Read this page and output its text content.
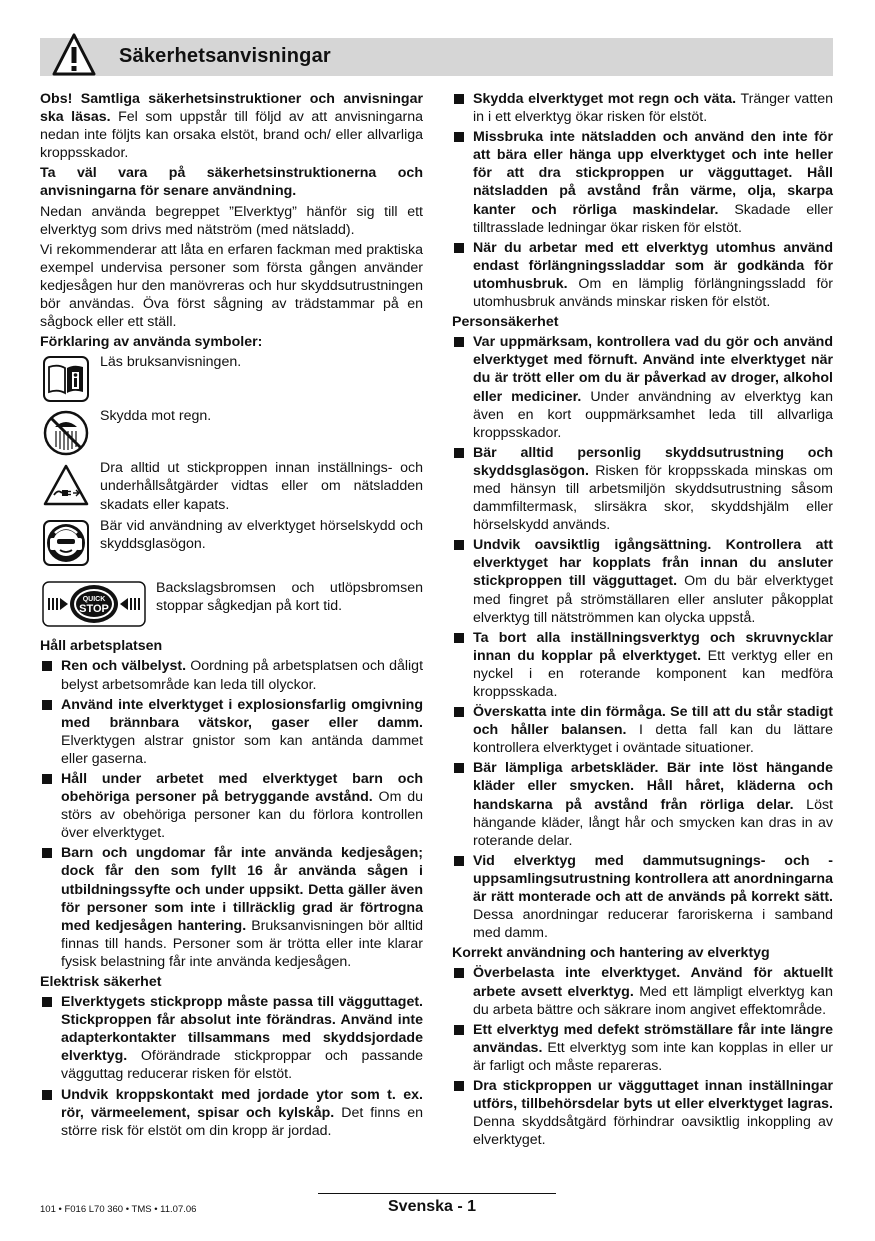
Säkerhetsanvisningar

Obs! Samtliga säkerhetsinstruktioner och anvisningar ska läsas. Fel som uppstår till följd av att anvisningarna nedan inte följts kan orsaka elstöt, brand och/ eller allvarliga kroppsskador.

Ta väl vara på säkerhetsinstruktionerna och anvisningarna för senare användning.

Nedan använda begreppet ”Elverktyg” hänför sig till ett elverktyg som drivs med nätström (med nätsladd).

Vi rekommenderar att låta en erfaren fackman med praktiska exempel undervisa personer som första gången använder kedjesågen hur den manövreras och hur skyddsutrustningen bör användas. Öva först sågning av trädstammar på en sågbock eller ett ställ.

Förklaring av använda symboler:

Läs bruksanvisningen.
Skydda mot regn.
Dra alltid ut stickproppen innan inställnings- och underhållsåtgärder vidtas eller om nätsladden skadats eller kapats.
Bär vid användning av elverktyget hörselskydd och skyddsglasögon.
QUICK
STOP
Backslagsbromsen och utlöpsbromsen stoppar sågkedjan på kort tid.

Håll arbetsplatsen

Ren och välbelyst. Oordning på arbetsplatsen och dåligt belyst arbetsområde kan leda till olyckor.
Använd inte elverktyget i explosionsfarlig omgivning med brännbara vätskor, gaser eller damm. Elverktygen alstrar gnistor som kan antända dammet eller gaserna.
Håll under arbetet med elverktyget barn och obehöriga personer på betryggande avstånd. Om du störs av obehöriga personer kan du förlora kontrollen över elverktyget.
Barn och ungdomar får inte använda kedjesågen; dock får den som fyllt 16 år använda sågen i utbildningssyfte och under uppsikt. Detta gäller även för personer som inte i tillräcklig grad är förtrogna med kedjesågen hantering. Bruksanvisningen bör alltid finnas till hands. Personer som är trötta eller inte klarar fysisk belastning får inte använda kedjesågen.

Elektrisk säkerhet

Elverktygets stickpropp måste passa till vägguttaget. Stickproppen får absolut inte förändras. Använd inte adapterkontakter tillsammans med skyddsjordade elverktyg. Oförändrade stickproppar och passande vägguttag reducerar risken för elstöt.
Undvik kroppskontakt med jordade ytor som t. ex. rör, värmeelement, spisar och kylskåp. Det finns en större risk för elstöt om din kropp är jordad.
Skydda elverktyget mot regn och väta. Tränger vatten in i ett elverktyg ökar risken för elstöt.
Missbruka inte nätsladden och använd den inte för att bära eller hänga upp elverktyget och inte heller för att dra stickproppen ur vägguttaget. Håll nätsladden på avstånd från värme, olja, skarpa kanter och rörliga maskindelar. Skadade eller tilltrasslade ledningar ökar risken för elstöt.
När du arbetar med ett elverktyg utomhus använd endast förlängningssladdar som är godkända för utomhusbruk. Om en lämplig förlängningssladd för utomhusbruk används minskar risken för elstöt.

Personsäkerhet

Var uppmärksam, kontrollera vad du gör och använd elverktyget med förnuft. Använd inte elverktyget när du är trött eller om du är påverkad av droger, alkohol eller mediciner. Under användning av elverktyg kan även en kort ouppmärksamhet leda till allvarliga kroppsskador.
Bär alltid personlig skyddsutrustning och skyddsglasögon. Risken för kroppsskada minskas om med hänsyn till arbetsmiljön skyddsutrustning såsom dammfiltermask, slirsäkra skor, skyddshjälm eller hörselskydd används.
Undvik oavsiktlig igångsättning. Kontrollera att elverktyget har kopplats från innan du ansluter stickproppen till vägguttaget. Om du bär elverktyget med fingret på strömställaren eller ansluter påkopplat elverktyg till nätströmmen kan olycka uppstå.
Ta bort alla inställningsverktyg och skruvnycklar innan du kopplar på elverktyget. Ett verktyg eller en nyckel i en roterande komponent kan medföra kroppsskada.
Överskatta inte din förmåga. Se till att du står stadigt och håller balansen. I detta fall kan du lättare kontrollera elverktyget i oväntade situationer.
Bär lämpliga arbetskläder. Bär inte löst hängande kläder eller smycken. Håll håret, kläderna och handskarna på avstånd från rörliga delar. Löst hängande kläder, långt hår och smycken kan dras in av roterande delar.
Vid elverktyg med dammutsugnings- och -uppsamlingsutrustning kontrollera att anordningarna är rätt monterade och att de används på korrekt sätt. Dessa anordningar reducerar faroriskerna i samband med damm.

Korrekt användning och hantering av elverktyg

Överbelasta inte elverktyget. Använd för aktuellt arbete avsett elverktyg. Med ett lämpligt elverktyg kan du arbeta bättre och säkrare inom angivet effektområde.
Ett elverktyg med defekt strömställare får inte längre användas. Ett elverktyg som inte kan kopplas in eller ur är farligt och måste repareras.
Dra stickproppen ur vägguttaget innan inställningar utförs, tillbehörsdelar byts ut eller elverktyget lagras. Denna skyddsåtgärd förhindrar oavsiktlig inkoppling av elverktyget.
101 • F016 L70 360 • TMS • 11.07.06	Svenska - 1
